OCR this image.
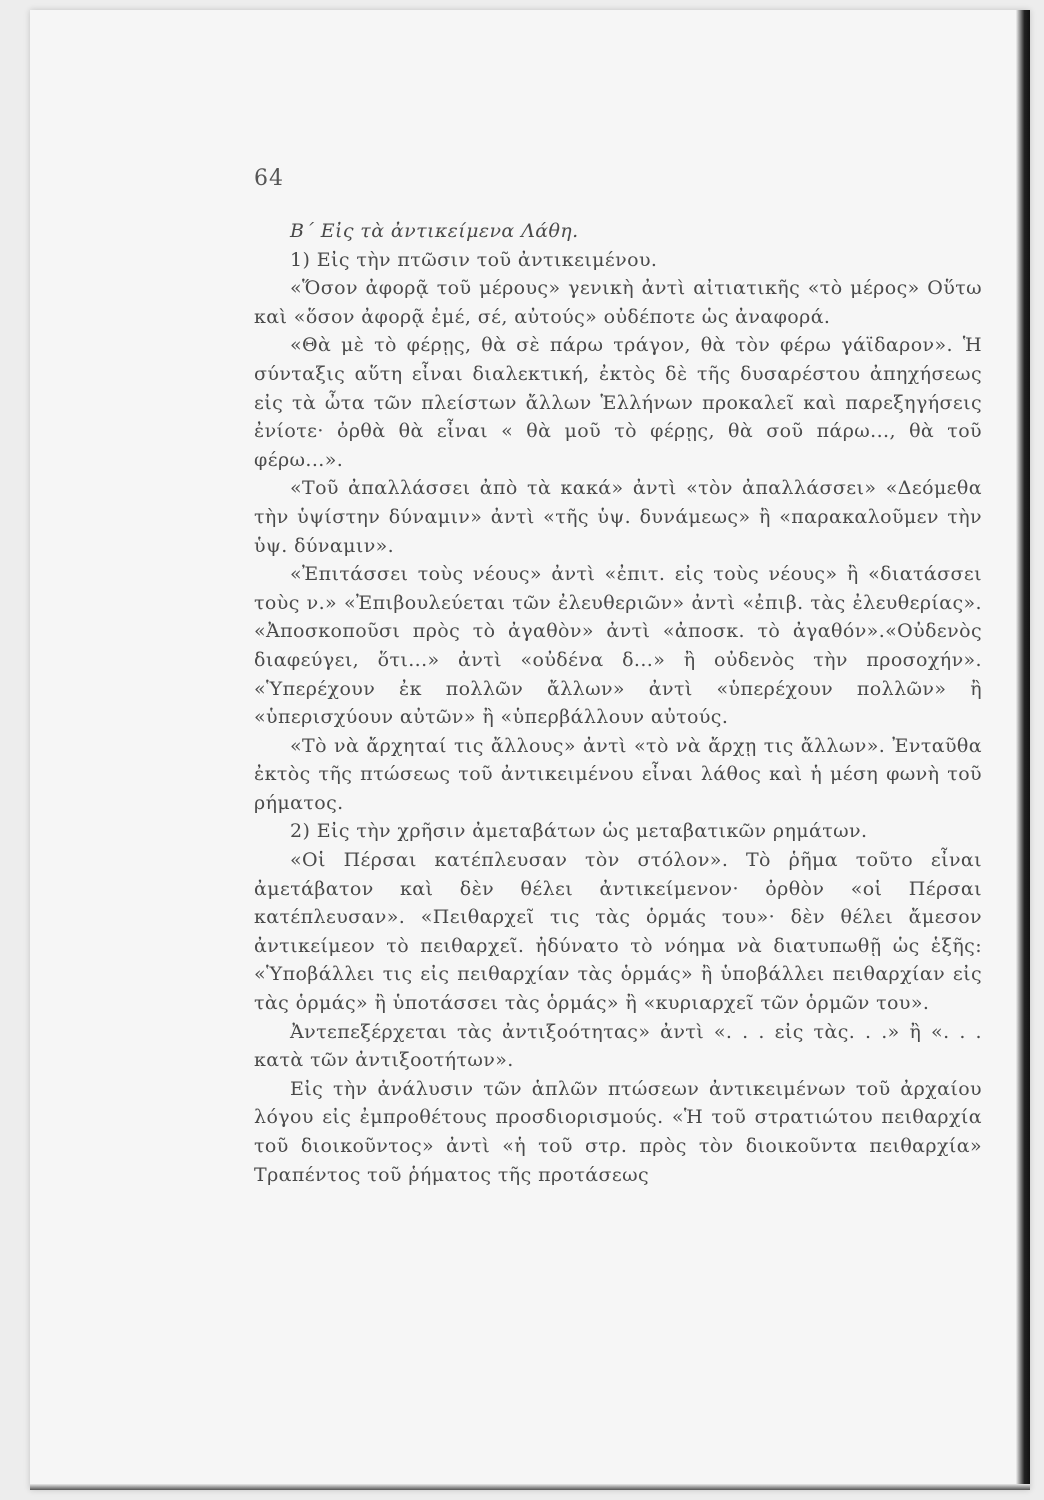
64

Β΄ Εἰς τὰ ἀντικείμενα Λάθη.

1) Εἰς τὴν πτῶσιν τοῦ ἀντικειμένου.

«Ὅσον ἀφορᾷ τοῦ μέρους» γενικὴ ἀντὶ αἰτιατικῆς «τὸ μέρος» Οὕτω καὶ «ὅσον ἀφορᾷ ἐμέ, σέ, αὐτούς» οὐδέποτε ὡς ἀναφορά.

«Θὰ μὲ τὸ φέρῃς, θὰ σὲ πάρω τράγον, θὰ τὸν φέρω γάϊδαρον». Ἡ σύνταξις αὕτη εἶναι διαλεκτική, ἐκτὸς δὲ τῆς δυσαρέστου ἀπηχήσεως εἰς τὰ ὦτα τῶν πλείστων ἄλλων Ἑλλήνων προκαλεῖ καὶ παρεξηγήσεις ἐνίοτε· ὀρθὰ θὰ εἶναι « θὰ μοῦ τὸ φέρῃς, θὰ σοῦ πάρω..., θὰ τοῦ φέρω...».

«Τοῦ ἀπαλλάσσει ἀπὸ τὰ κακά» ἀντὶ «τὸν ἀπαλλάσσει» «Δεόμεθα τὴν ὑψίστην δύναμιν» ἀντὶ «τῆς ὑψ. δυνάμεως» ἢ «παρακαλοῦμεν τὴν ὑψ. δύναμιν».

«Ἐπιτάσσει τοὺς νέους» ἀντὶ «ἐπιτ. εἰς τοὺς νέους» ἢ «διατάσσει τοὺς ν.» «Ἐπιβουλεύεται τῶν ἐλευθεριῶν» ἀντὶ «ἐπιβ. τὰς ἐλευθερίας». «Ἀποσκοποῦσι πρὸς τὸ ἀγαθὸν» ἀντὶ «ἀποσκ. τὸ ἀγαθόν».«Οὐδενὸς διαφεύγει, ὅτι...» ἀντὶ «οὐδένα δ...» ἢ οὐδενὸς τὴν προσοχήν». «Ὑπερέχουν ἐκ πολλῶν ἄλλων» ἀντὶ «ὑπερέχουν πολλῶν» ἢ «ὑπερισχύουν αὐτῶν» ἢ «ὑπερβάλλουν αὐτούς.

«Τὸ νὰ ἄρχηταί τις ἄλλους» ἀντὶ «τὸ νὰ ἄρχῃ τις ἄλλων». Ἐνταῦθα ἐκτὸς τῆς πτώσεως τοῦ ἀντικειμένου εἶναι λάθος καὶ ἡ μέση φωνὴ τοῦ ρήματος.

2) Εἰς τὴν χρῆσιν ἀμεταβάτων ὡς μεταβατικῶν ρημάτων.

«Οἱ Πέρσαι κατέπλευσαν τὸν στόλον». Τὸ ῥῆμα τοῦτο εἶναι ἀμετάβατον καὶ δὲν θέλει ἀντικείμενον· ὀρθὸν «οἱ Πέρσαι κατέπλευσαν». «Πειθαρχεῖ τις τὰς ὁρμάς του»· δὲν θέλει ἄμεσον ἀντικείμεον τὸ πειθαρχεῖ. ἠδύνατο τὸ νόημα νὰ διατυπωθῇ ὡς ἑξῆς: «Ὑποβάλλει τις εἰς πειθαρχίαν τὰς ὁρμάς» ἢ ὑποβάλλει πειθαρχίαν εἰς τὰς ὁρμάς» ἢ ὑποτάσσει τὰς ὁρμάς» ἢ «κυριαρχεῖ τῶν ὁρμῶν του».

Ἀντεπεξέρχεται τὰς ἀντιξοότητας» ἀντὶ «. . . εἰς τὰς. . .» ἢ «. . . κατὰ τῶν ἀντιξοοτήτων».

Εἰς τὴν ἀνάλυσιν τῶν ἁπλῶν πτώσεων ἀντικειμένων τοῦ ἀρχαίου λόγου εἰς ἐμπροθέτους προσδιορισμούς. «Ἡ τοῦ στρατιώτου πειθαρχία τοῦ διοικοῦντος» ἀντὶ «ἡ τοῦ στρ. πρὸς τὸν διοικοῦντα πειθαρχία» Τραπέντος τοῦ ῥήματος τῆς προτάσεως
